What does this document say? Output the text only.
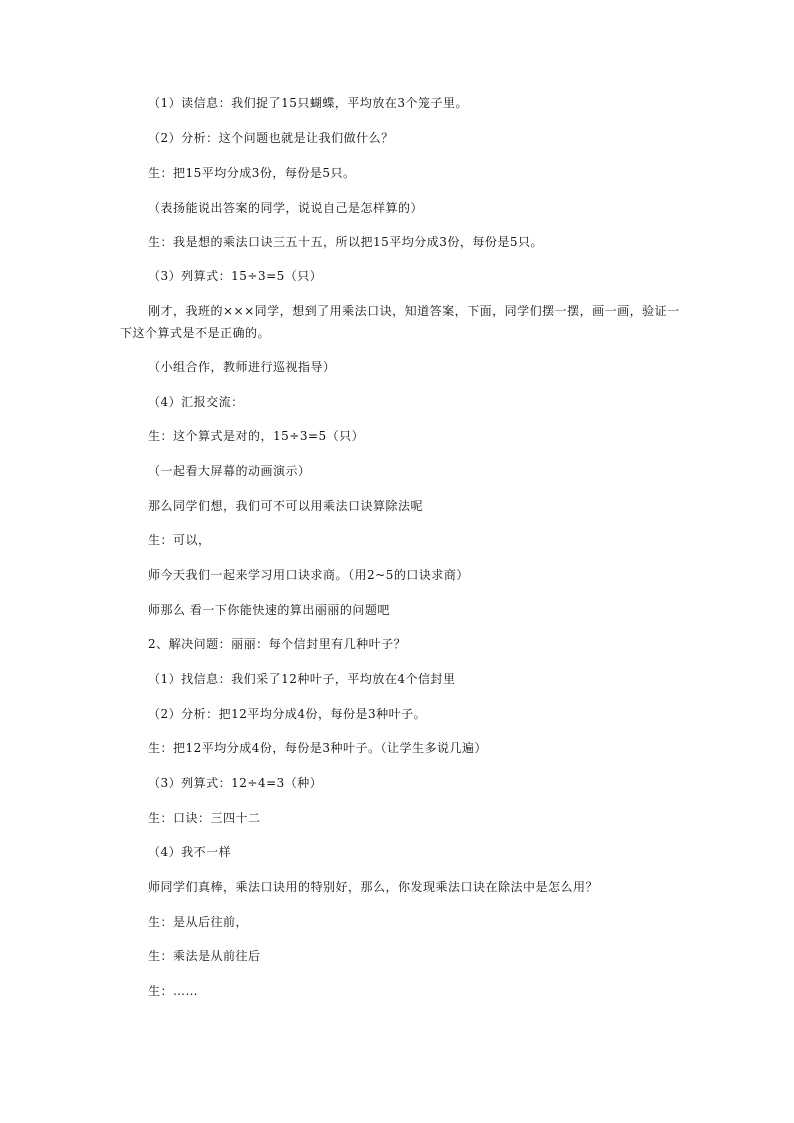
（1）读信息：我们捉了15只蝴蝶，平均放在3个笼子里。
（2）分析：这个问题也就是让我们做什么？
生：把15平均分成3份，每份是5只。
（表扬能说出答案的同学，说说自己是怎样算的）
生：我是想的乘法口诀三五十五，所以把15平均分成3份，每份是5只。
（3）列算式：15÷3=5（只）
刚才，我班的×××同学，想到了用乘法口诀，知道答案，下面，同学们摆一摆，画一画，验证一下这个算式是不是正确的。
（小组合作，教师进行巡视指导）
（4）汇报交流：
生：这个算式是对的，15÷3=5（只）
（一起看大屏幕的动画演示）
那么同学们想，我们可不可以用乘法口诀算除法呢
生：可以，
师今天我们一起来学习用口诀求商。（用2~5的口诀求商）
师那么 看一下你能快速的算出丽丽的问题吧
2、解决问题：丽丽：每个信封里有几种叶子？
（1）找信息：我们采了12种叶子，平均放在4个信封里
（2）分析：把12平均分成4份，每份是3种叶子。
生：把12平均分成4份，每份是3种叶子。（让学生多说几遍）
（3）列算式：12÷4=3（种）
生：口诀：三四十二
（4）我不一样
师同学们真棒，乘法口诀用的特别好，那么，你发现乘法口诀在除法中是怎么用？
生：是从后往前，
生：乘法是从前往后
生：……
